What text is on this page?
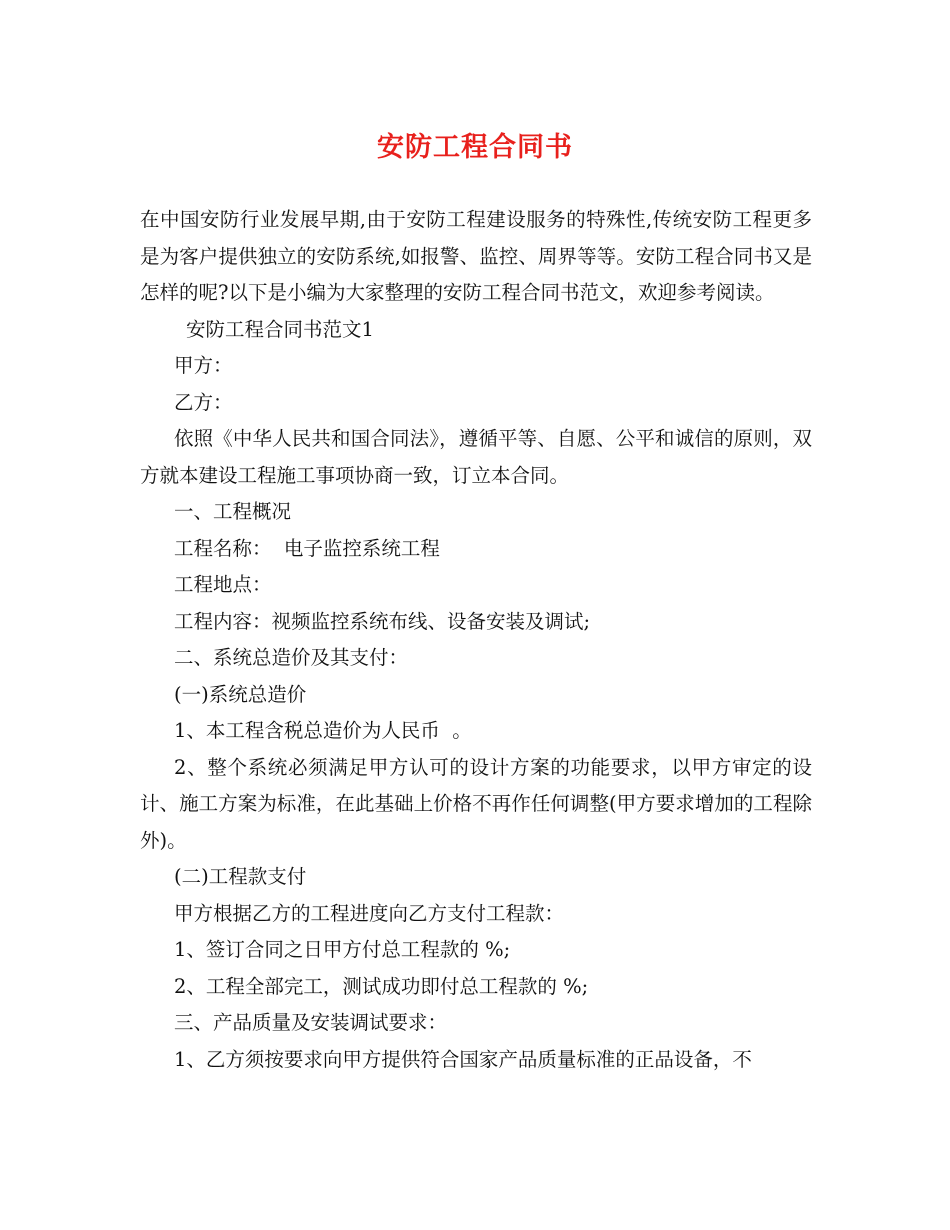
安防工程合同书

在中国安防行业发展早期,由于安防工程建设服务的特殊性,传统安防工程更多是为客户提供独立的安防系统,如报警、监控、周界等等。安防工程合同书又是怎样的呢?以下是小编为大家整理的安防工程合同书范文，欢迎参考阅读。

安防工程合同书范文1

甲方：

乙方：

依照《中华人民共和国合同法》，遵循平等、自愿、公平和诚信的原则，双方就本建设工程施工事项协商一致，订立本合同。

一、工程概况

工程名称：  电子监控系统工程

工程地点：

工程内容：视频监控系统布线、设备安装及调试;

二、系统总造价及其支付：

(一)系统总造价

1、本工程含税总造价为人民币  。

2、整个系统必须满足甲方认可的设计方案的功能要求，以甲方审定的设计、施工方案为标准，在此基础上价格不再作任何调整(甲方要求增加的工程除外)。

(二)工程款支付

甲方根据乙方的工程进度向乙方支付工程款：

1、签订合同之日甲方付总工程款的 %;

2、工程全部完工，测试成功即付总工程款的 %;

三、产品质量及安装调试要求：

1、乙方须按要求向甲方提供符合国家产品质量标准的正品设备，不
